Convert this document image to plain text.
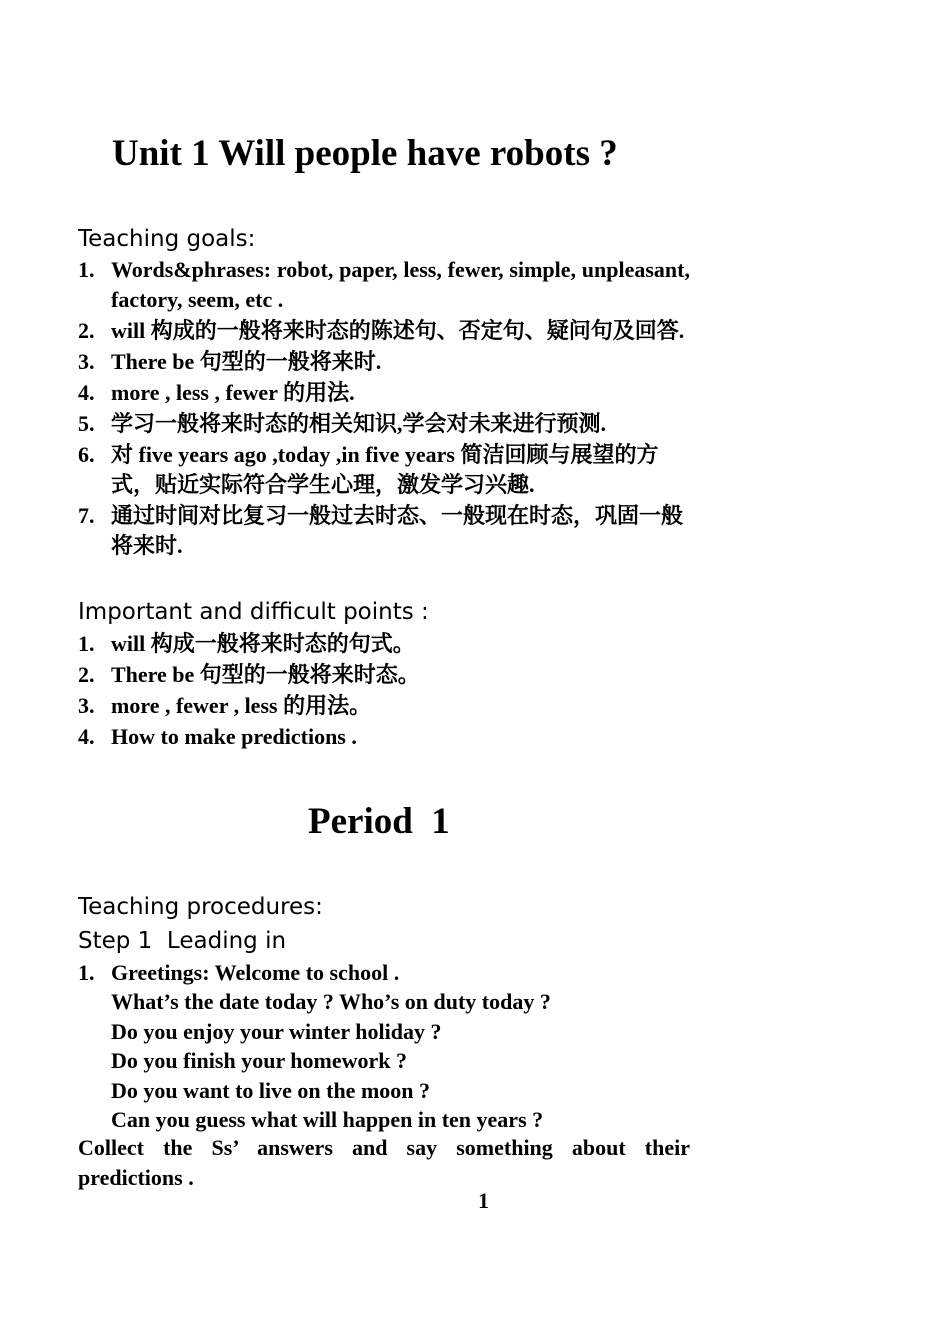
Unit 1 Will people have robots ?
Teaching goals:
1. Words&phrases: robot, paper, less, fewer, simple, unpleasant, factory, seem, etc .
2. will 构成的一般将来时态的陈述句、否定句、疑问句及回答.
3. There be 句型的一般将来时.
4. more , less , fewer 的用法.
5. 学习一般将来时态的相关知识,学会对未来进行预测.
6. 对 five years ago ,today ,in five years 简洁回顾与展望的方式，贴近实际符合学生心理，激发学习兴趣.
7. 通过时间对比复习一般过去时态、一般现在时态，巩固一般将来时.
Important and difficult points :
1. will 构成一般将来时态的句式。
2. There be 句型的一般将来时态。
3. more , fewer , less 的用法。
4. How to make predictions .
Period  1
Teaching procedures:
Step 1  Leading in
1. Greetings: Welcome to school .
What’s the date today ? Who’s on duty today ?
Do you enjoy your winter holiday ?
Do you finish your homework ?
Do you want to live on the moon ?
Can you guess what will happen in ten years ?

Collect the Ss’ answers and say something about their predictions .

1
